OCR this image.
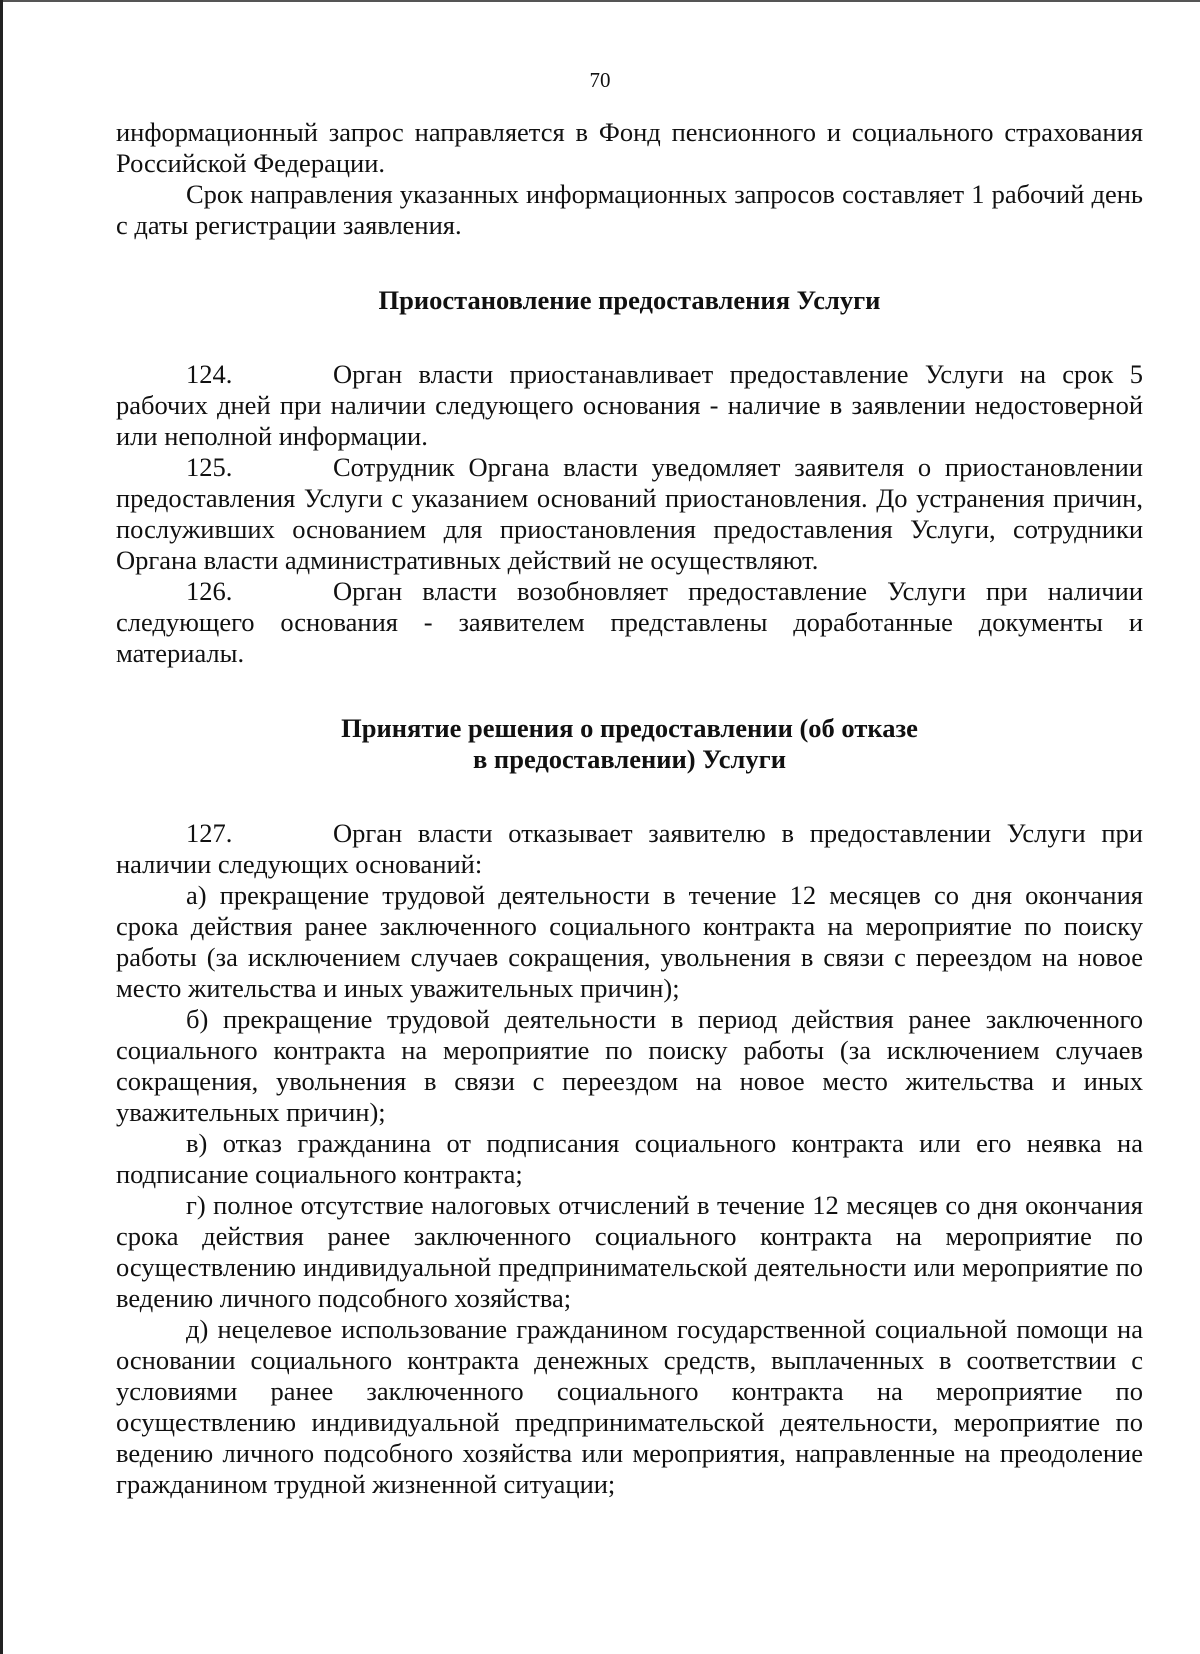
70

информационный запрос направляется в Фонд пенсионного и социального страхования Российской Федерации.

Срок направления указанных информационных запросов составляет 1 рабочий день с даты регистрации заявления.

Приостановление предоставления Услуги

124.	Орган власти приостанавливает предоставление Услуги на срок 5 рабочих дней при наличии следующего основания - наличие в заявлении недостоверной или неполной информации.

125.	Сотрудник Органа власти уведомляет заявителя о приостановлении предоставления Услуги с указанием оснований приостановления. До устранения причин, послуживших основанием для приостановления предоставления Услуги, сотрудники Органа власти административных действий не осуществляют.

126.	Орган власти возобновляет предоставление Услуги при наличии следующего основания - заявителем представлены доработанные документы и материалы.

Принятие решения о предоставлении (об отказе

в предоставлении) Услуги

127.	Орган власти отказывает заявителю в предоставлении Услуги при наличии следующих оснований:

а) прекращение трудовой деятельности в течение 12 месяцев со дня окончания срока действия ранее заключенного социального контракта на мероприятие по поиску работы (за исключением случаев сокращения, увольнения в связи с переездом на новое место жительства и иных уважительных причин);

б) прекращение трудовой деятельности в период действия ранее заключенного социального контракта на мероприятие по поиску работы (за исключением случаев сокращения, увольнения в связи с переездом на новое место жительства и иных уважительных причин);

в) отказ гражданина от подписания социального контракта или его неявка на подписание социального контракта;

г) полное отсутствие налоговых отчислений в течение 12 месяцев со дня окончания срока действия ранее заключенного социального контракта на мероприятие по осуществлению индивидуальной предпринимательской деятельности или мероприятие по ведению личного подсобного хозяйства;

д) нецелевое использование гражданином государственной социальной помощи на основании социального контракта денежных средств, выплаченных в соответствии с условиями ранее заключенного социального контракта на мероприятие по осуществлению индивидуальной предпринимательской деятельности, мероприятие по ведению личного подсобного хозяйства или мероприятия, направленные на преодоление гражданином трудной жизненной ситуации;
